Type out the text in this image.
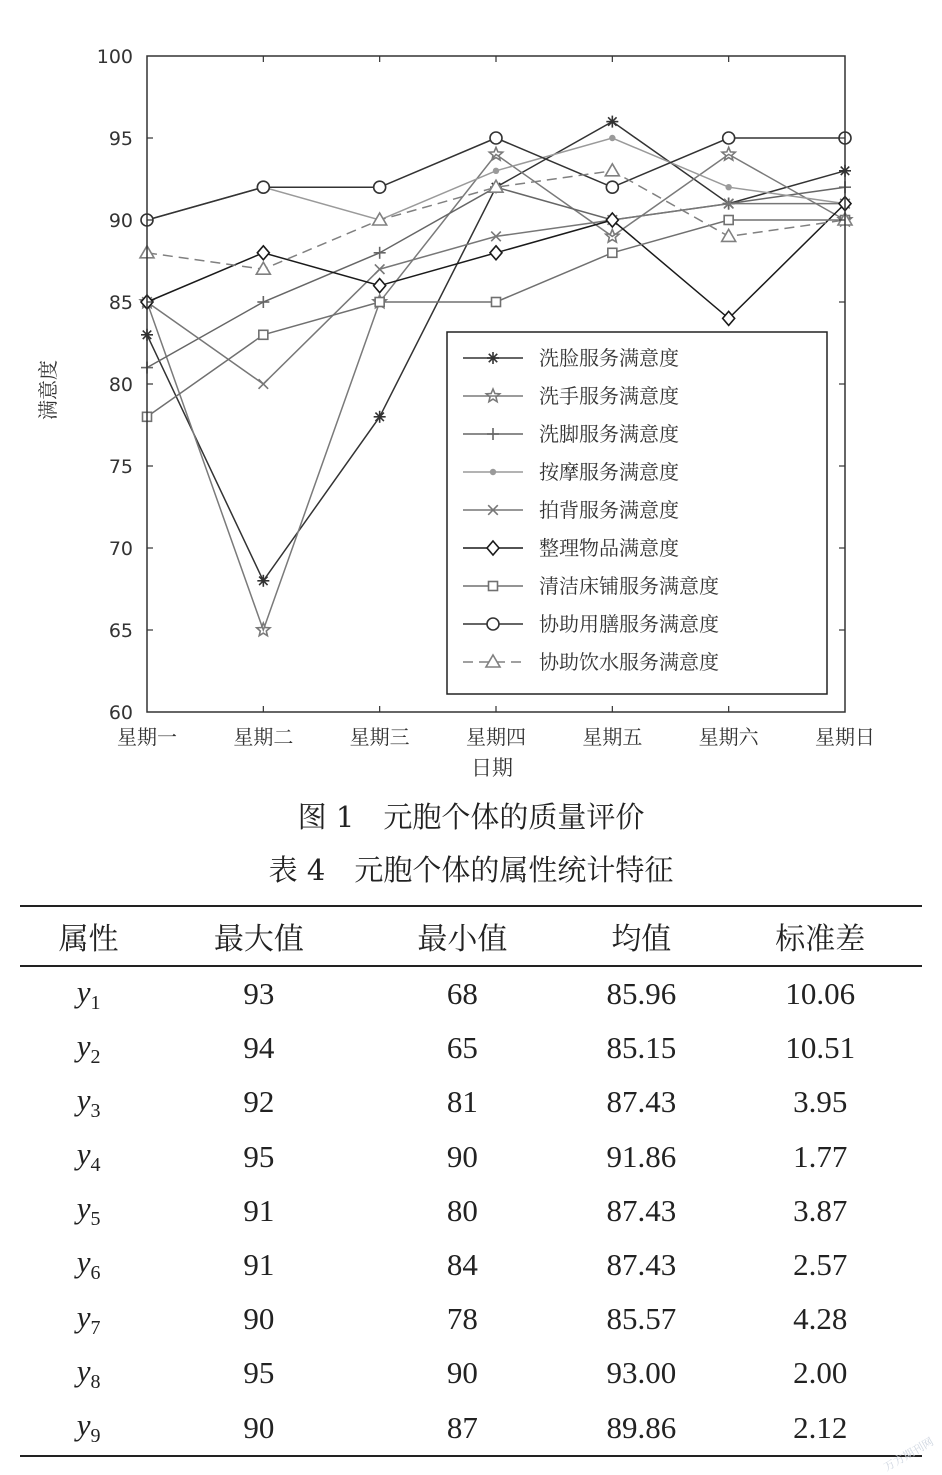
60
65
70
75
80
85
90
95
100
星期一	星期二	星期三	星期四	星期五	星期六	星期日
满意度
日期
洗脸服务满意度
洗手服务满意度
洗脚服务满意度
按摩服务满意度
拍背服务满意度
整理物品满意度
清洁床铺服务满意度
协助用膳服务满意度
协助饮水服务满意度
图 1　元胞个体的质量评价
表 4　元胞个体的属性统计特征
属性	最大值	最小值	均值	标准差
$y_1$	93	68	85.96	10.06
$y_2$	94	65	85.15	10.51
$y_3$	92	81	87.43	3.95
$y_4$	95	90	91.86	1.77
$y_5$	91	80	87.43	3.87
$y_6$	91	84	87.43	2.57
$y_7$	90	78	85.57	4.28
$y_8$	95	90	93.00	2.00
$y_9$	90	87	89.86	2.12
万方期刊网
